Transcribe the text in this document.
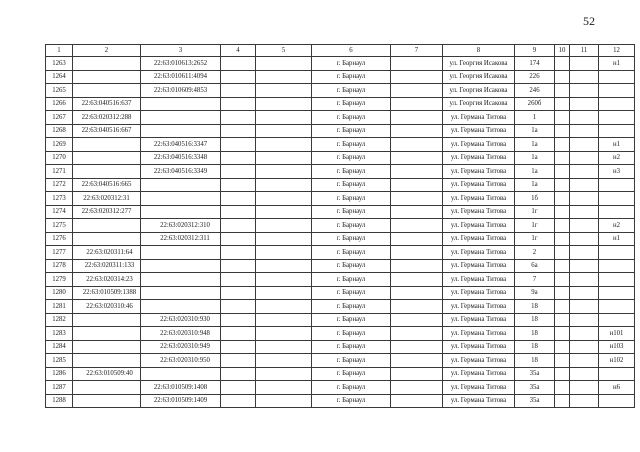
52
1	2	3	4	5	6	7	8	9	10	11	12
1263		22:63:010613:2652			г. Барнаул		ул. Георгия Исакова	174			н1
1264		22:63:010611:4094			г. Барнаул		ул. Георгия Исакова	226			
1265		22:63:010609:4853			г. Барнаул		ул. Георгия Исакова	246			
1266	22:63:040516:637				г. Барнаул		ул. Георгия Исакова	260б			
1267	22:63:020312:288				г. Барнаул		ул. Германа Титова	1			
1268	22:63:040516:667				г. Барнаул		ул. Германа Титова	1а			
1269		22:63:040516:3347			г. Барнаул		ул. Германа Титова	1а			н1
1270		22:63:040516:3348			г. Барнаул		ул. Германа Титова	1а			н2
1271		22:63:040516:3349			г. Барнаул		ул. Германа Титова	1а			н3
1272	22:63:040516:665				г. Барнаул		ул. Германа Титова	1а			
1273	22:63:020312:31				г. Барнаул		ул. Германа Титова	1б			
1274	22:63:020312:277				г. Барнаул		ул. Германа Титова	1г			
1275		22:63:020312:310			г. Барнаул		ул. Германа Титова	1г			н2
1276		22:63:020312:311			г. Барнаул		ул. Германа Титова	1г			н1
1277	22:63:020311:64				г. Барнаул		ул. Германа Титова	2			
1278	22:63:020311:133				г. Барнаул		ул. Германа Титова	6а			
1279	22:63:020314:23				г. Барнаул		ул. Германа Титова	7			
1280	22:63:010509:1388				г. Барнаул		ул. Германа Титова	9а			
1281	22:63:020310:46				г. Барнаул		ул. Германа Титова	18			
1282		22:63:020310:930			г. Барнаул		ул. Германа Титова	18			
1283		22:63:020310:948			г. Барнаул		ул. Германа Титова	18			н101
1284		22:63:020310:949			г. Барнаул		ул. Германа Титова	18			н103
1285		22:63:020310:950			г. Барнаул		ул. Германа Титова	18			н102
1286	22:63:010509:40				г. Барнаул		ул. Германа Титова	35а			
1287		22:63:010509:1408			г. Барнаул		ул. Германа Титова	35а			н6
1288		22:63:010509:1409			г. Барнаул		ул. Германа Титова	35а			
